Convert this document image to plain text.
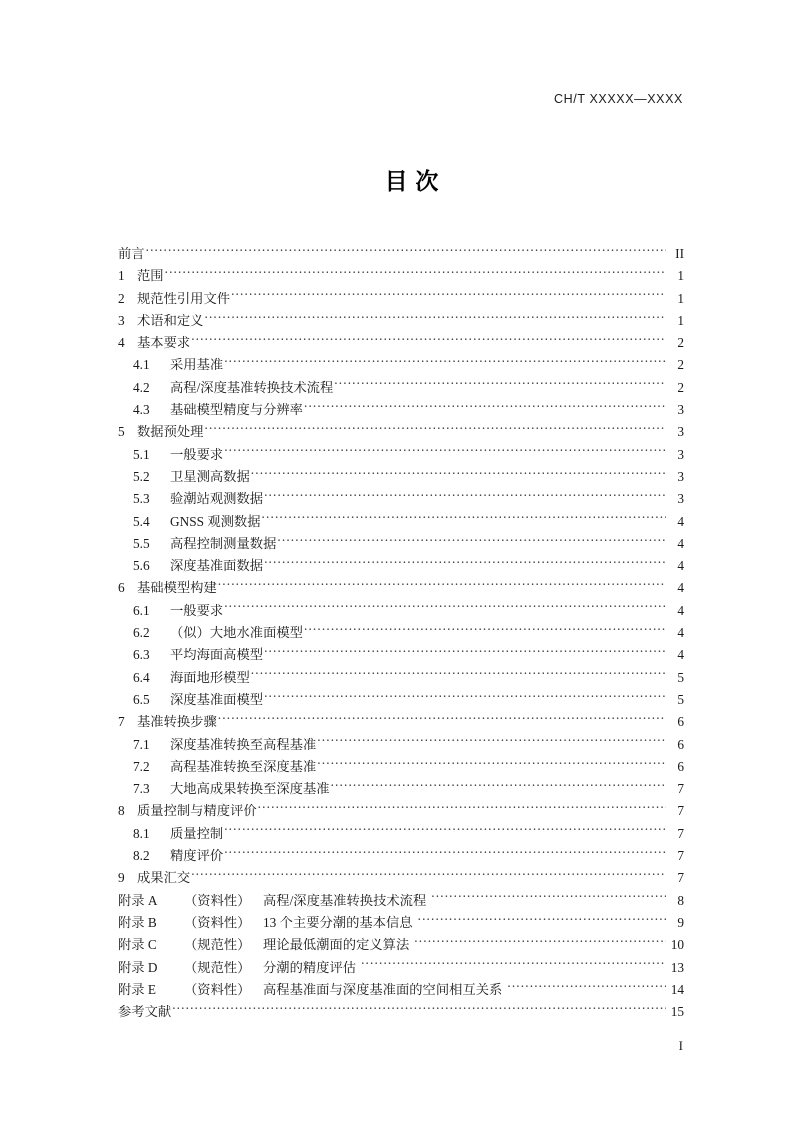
CH/T XXXXX—XXXX
目 次
前言 .....	II
1 范围 .....	1
2 规范性引用文件 .....	1
3 术语和定义 .....	1
4 基本要求 .....	2
4.1	采用基准 .....	2
4.2	高程/深度基准转换技术流程 .....	2
4.3	基础模型精度与分辨率 .....	3
5 数据预处理 .....	3
5.1	一般要求 .....	3
5.2	卫星测高数据 .....	3
5.3	验潮站观测数据 .....	3
5.4	GNSS 观测数据 .....	4
5.5	高程控制测量数据 .....	4
5.6	深度基准面数据 .....	4
6 基础模型构建 .....	4
6.1	一般要求 .....	4
6.2	（似）大地水准面模型 .....	4
6.3	平均海面高模型 .....	4
6.4	海面地形模型 .....	5
6.5	深度基准面模型 .....	5
7 基准转换步骤 .....	6
7.1	深度基准转换至高程基准 .....	6
7.2	高程基准转换至深度基准 .....	6
7.3	大地高成果转换至深度基准 .....	7
8 质量控制与精度评价 .....	7
8.1	质量控制 .....	7
8.2	精度评价 .....	7
9 成果汇交 .....	7
附录 A	（资料性） 高程/深度基准转换技术流程 .....	8
附录 B	（资料性） 13 个主要分潮的基本信息 .....	9
附录 C	（规范性） 理论最低潮面的定义算法 .....	10
附录 D	（规范性） 分潮的精度评估 .....	13
附录 E	（资料性） 高程基准面与深度基准面的空间相互关系 .....	14
参考文献 .....	15
I
